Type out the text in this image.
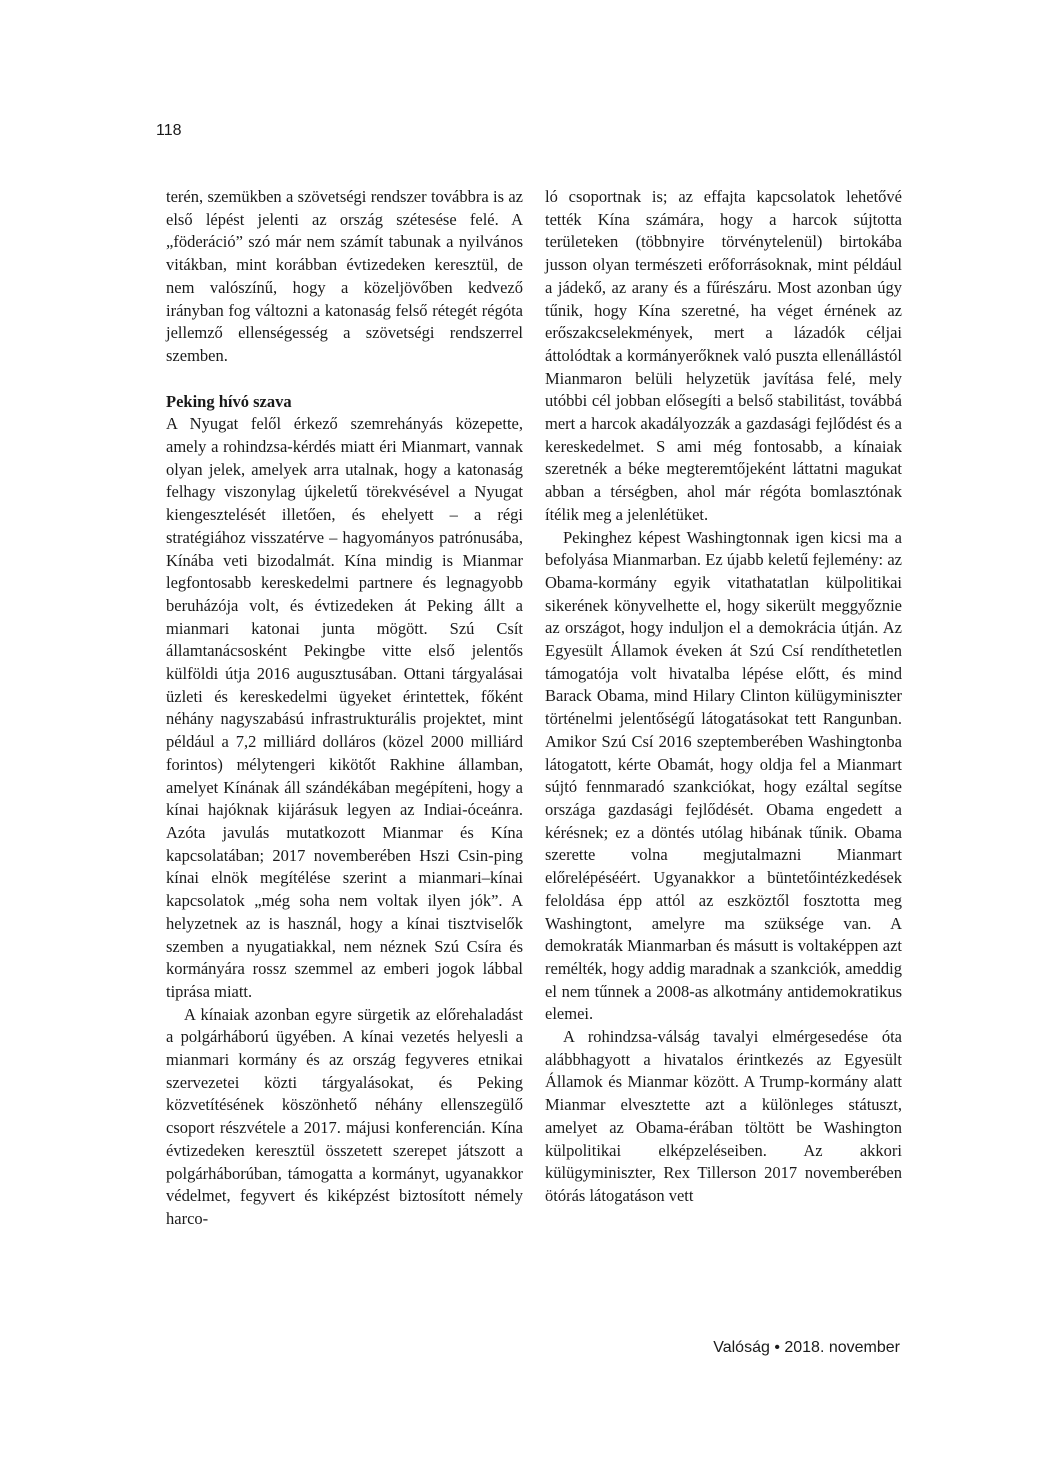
118

terén, szemükben a szövetségi rendszer továbbra is az első lépést jelenti az ország szétesése felé. A „föderáció” szó már nem számít tabunak a nyilvános vitákban, mint korábban évtizedeken keresztül, de nem valószínű, hogy a közeljövőben kedvező irányban fog változni a katonaság felső rétegét régóta jellemző ellenségesség a szövetségi rendszerrel szemben.

Peking hívó szava

A Nyugat felől érkező szemrehányás közepette, amely a rohindzsa-kérdés miatt éri Mianmart, vannak olyan jelek, amelyek arra utalnak, hogy a katonaság felhagy viszonylag újkeletű törekvésével a Nyugat kiengesztelését illetően, és ehelyett – a régi stratégiához visszatérve – hagyományos patrónusába, Kínába veti bizodalmát. Kína mindig is Mianmar legfontosabb kereskedelmi partnere és legnagyobb beruházója volt, és évtizedeken át Peking állt a mianmari katonai junta mögött. Szú Csít államtanácsosként Pekingbe vitte első jelentős külföldi útja 2016 augusztusában. Ottani tárgyalásai üzleti és kereskedelmi ügyeket érintettek, főként néhány nagyszabású infrastrukturális projektet, mint például a 7,2 milliárd dolláros (közel 2000 milliárd forintos) mélytengeri kikötőt Rakhine államban, amelyet Kínának áll szándékában megépíteni, hogy a kínai hajóknak kijárásuk legyen az Indiai-óceánra. Azóta javulás mutatkozott Mianmar és Kína kapcsolatában; 2017 novemberében Hszi Csin-ping kínai elnök megítélése szerint a mianmari–kínai kapcsolatok „még soha nem voltak ilyen jók”. A helyzetnek az is használ, hogy a kínai tisztviselők szemben a nyugatiakkal, nem néznek Szú Csíra és kormányára rossz szemmel az emberi jogok lábbal tiprása miatt.

A kínaiak azonban egyre sürgetik az előrehaladást a polgárháború ügyében. A kínai vezetés helyesli a mianmari kormány és az ország fegyveres etnikai szervezetei közti tárgyalásokat, és Peking közvetítésének köszönhető néhány ellenszegülő csoport részvétele a 2017. májusi konferencián. Kína évtizedeken keresztül összetett szerepet játszott a polgárháborúban, támogatta a kormányt, ugyanakkor védelmet, fegyvert és kiképzést biztosított némely harco-

ló csoportnak is; az effajta kapcsolatok lehetővé tették Kína számára, hogy a harcok sújtotta területeken (többnyire törvénytelenül) birtokába jusson olyan természeti erőforrásoknak, mint például a jádekő, az arany és a fűrészáru. Most azonban úgy tűnik, hogy Kína szeretné, ha véget érnének az erőszakcselekmények, mert a lázadók céljai áttolódtak a kormányerőknek való puszta ellenállástól Mianmaron belüli helyzetük javítása felé, mely utóbbi cél jobban elősegíti a belső stabilitást, továbbá mert a harcok akadályozzák a gazdasági fejlődést és a kereskedelmet. S ami még fontosabb, a kínaiak szeretnék a béke megteremtőjeként láttatni magukat abban a térségben, ahol már régóta bomlasztónak ítélik meg a jelenlétüket.

Pekinghez képest Washingtonnak igen kicsi ma a befolyása Mianmarban. Ez újabb keletű fejlemény: az Obama-kormány egyik vitathatatlan külpolitikai sikerének könyvelhette el, hogy sikerült meggyőznie az országot, hogy induljon el a demokrácia útján. Az Egyesült Államok éveken át Szú Csí rendíthetetlen támogatója volt hivatalba lépése előtt, és mind Barack Obama, mind Hilary Clinton külügyminiszter történelmi jelentőségű látogatásokat tett Rangunban. Amikor Szú Csí 2016 szeptemberében Washingtonba látogatott, kérte Obamát, hogy oldja fel a Mianmart sújtó fennmaradó szankciókat, hogy ezáltal segítse országa gazdasági fejlődését. Obama engedett a kérésnek; ez a döntés utólag hibának tűnik. Obama szerette volna megjutalmazni Mianmart előrelépéséért. Ugyanakkor a büntetőintézkedések feloldása épp attól az eszköztől fosztotta meg Washingtont, amelyre ma szüksége van. A demokraták Mianmarban és másutt is voltaképpen azt remélték, hogy addig maradnak a szankciók, ameddig el nem tűnnek a 2008-as alkotmány antidemokratikus elemei.

A rohindzsa-válság tavalyi elmérgesedése óta alábbhagyott a hivatalos érintkezés az Egyesült Államok és Mianmar között. A Trump-kormány alatt Mianmar elvesztette azt a különleges státuszt, amelyet az Obama-érában töltött be Washington külpolitikai elképzeléseiben. Az akkori külügyminiszter, Rex Tillerson 2017 novemberében ötórás látogatáson vett

Valóság • 2018. november
